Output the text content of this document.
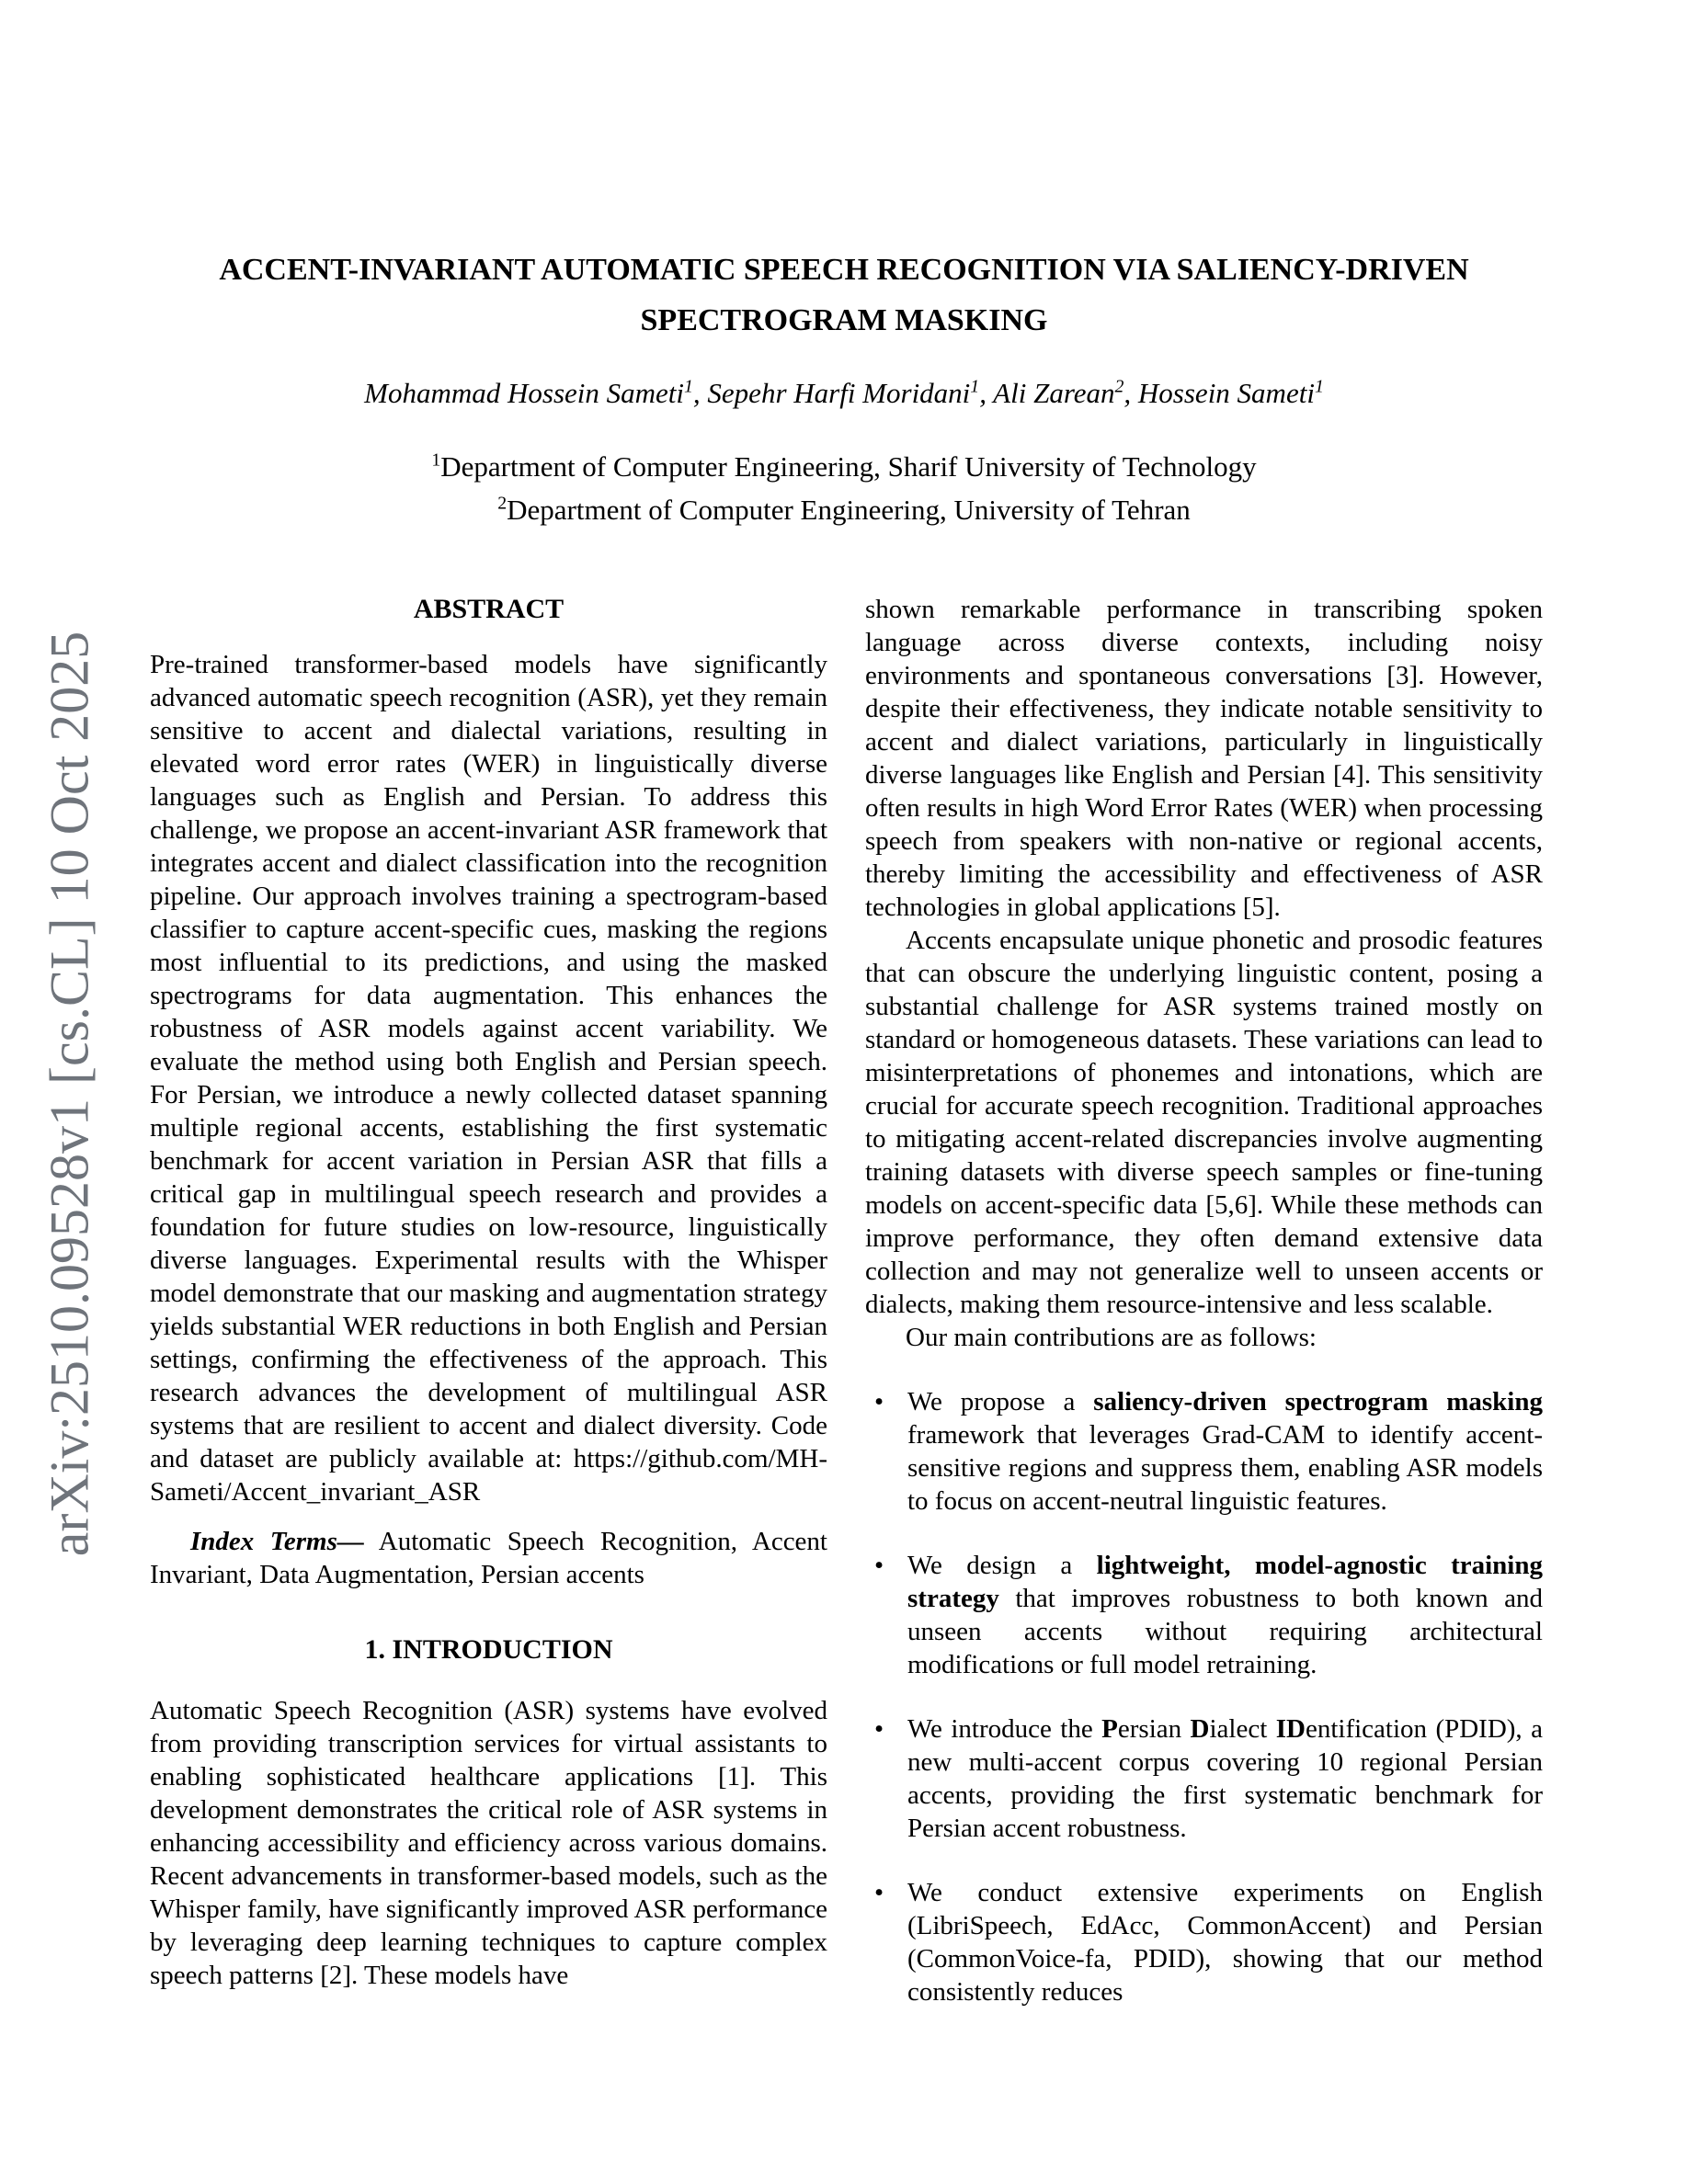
arXiv:2510.09528v1 [cs.CL] 10 Oct 2025
ACCENT-INVARIANT AUTOMATIC SPEECH RECOGNITION VIA SALIENCY-DRIVEN
SPECTROGRAM MASKING
Mohammad Hossein Sameti$^1$, Sepehr Harfi Moridani$^1$, Ali Zarean$^2$, Hossein Sameti$^1$
$^1$Department of Computer Engineering, Sharif University of Technology
$^2$Department of Computer Engineering, University of Tehran
ABSTRACT

Pre-trained transformer-based models have significantly advanced automatic speech recognition (ASR), yet they remain sensitive to accent and dialectal variations, resulting in elevated word error rates (WER) in linguistically diverse languages such as English and Persian. To address this challenge, we propose an accent-invariant ASR framework that integrates accent and dialect classification into the recognition pipeline. Our approach involves training a spectrogram-based classifier to capture accent-specific cues, masking the regions most influential to its predictions, and using the masked spectrograms for data augmentation. This enhances the robustness of ASR models against accent variability. We evaluate the method using both English and Persian speech. For Persian, we introduce a newly collected dataset spanning multiple regional accents, establishing the first systematic benchmark for accent variation in Persian ASR that fills a critical gap in multilingual speech research and provides a foundation for future studies on low-resource, linguistically diverse languages. Experimental results with the Whisper model demonstrate that our masking and augmentation strategy yields substantial WER reductions in both English and Persian settings, confirming the effectiveness of the approach. This research advances the development of multilingual ASR systems that are resilient to accent and dialect diversity. Code and dataset are publicly available at: https://github.com/MH-Sameti/Accent_invariant_ASR

Index Terms— Automatic Speech Recognition, Accent Invariant, Data Augmentation, Persian accents

1. INTRODUCTION

Automatic Speech Recognition (ASR) systems have evolved from providing transcription services for virtual assistants to enabling sophisticated healthcare applications [1]. This development demonstrates the critical role of ASR systems in enhancing accessibility and efficiency across various domains. Recent advancements in transformer-based models, such as the Whisper family, have significantly improved ASR performance by leveraging deep learning techniques to capture complex speech patterns [2]. These models have

shown remarkable performance in transcribing spoken language across diverse contexts, including noisy environments and spontaneous conversations [3]. However, despite their effectiveness, they indicate notable sensitivity to accent and dialect variations, particularly in linguistically diverse languages like English and Persian [4]. This sensitivity often results in high Word Error Rates (WER) when processing speech from speakers with non-native or regional accents, thereby limiting the accessibility and effectiveness of ASR technologies in global applications [5].

Accents encapsulate unique phonetic and prosodic features that can obscure the underlying linguistic content, posing a substantial challenge for ASR systems trained mostly on standard or homogeneous datasets. These variations can lead to misinterpretations of phonemes and intonations, which are crucial for accurate speech recognition. Traditional approaches to mitigating accent-related discrepancies involve augmenting training datasets with diverse speech samples or fine-tuning models on accent-specific data [5,6]. While these methods can improve performance, they often demand extensive data collection and may not generalize well to unseen accents or dialects, making them resource-intensive and less scalable.

Our main contributions are as follows:

• We propose a saliency-driven spectrogram masking framework that leverages Grad-CAM to identify accent-sensitive regions and suppress them, enabling ASR models to focus on accent-neutral linguistic features.
• We design a lightweight, model-agnostic training strategy that improves robustness to both known and unseen accents without requiring architectural modifications or full model retraining.
• We introduce the Persian Dialect IDentification (PDID), a new multi-accent corpus covering 10 regional Persian accents, providing the first systematic benchmark for Persian accent robustness.
• We conduct extensive experiments on English (LibriSpeech, EdAcc, CommonAccent) and Persian (CommonVoice-fa, PDID), showing that our method consistently reduces
